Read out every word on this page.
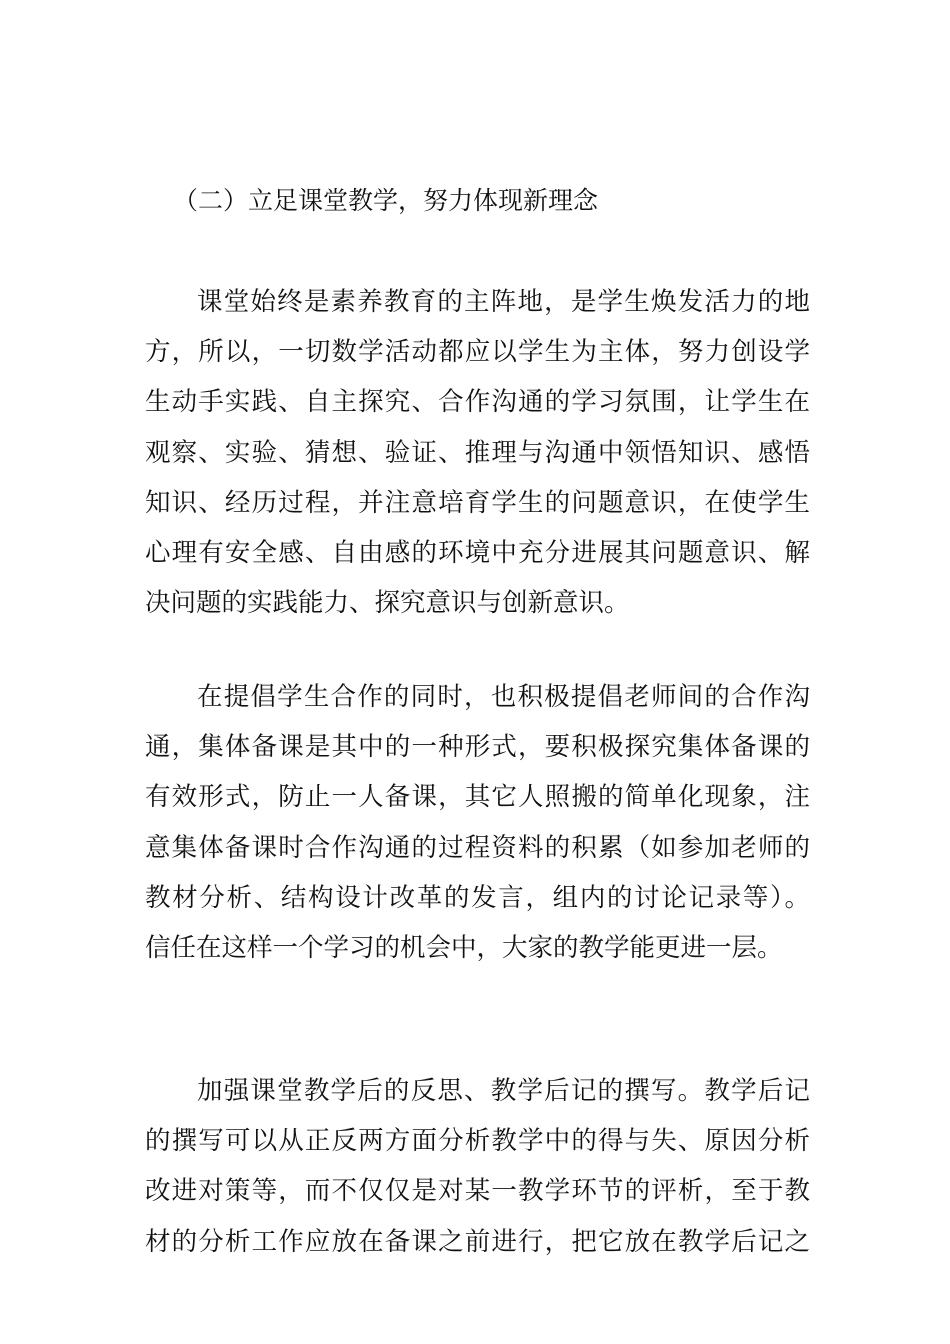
（二）立足课堂教学，努力体现新理念
课堂始终是素养教育的主阵地，是学生焕发活力的地
方，所以，一切数学活动都应以学生为主体，努力创设学
生动手实践、自主探究、合作沟通的学习氛围，让学生在
观察、实验、猜想、验证、推理与沟通中领悟知识、感悟
知识、经历过程，并注意培育学生的问题意识，在使学生
心理有安全感、自由感的环境中充分进展其问题意识、解
决问题的实践能力、探究意识与创新意识。
在提倡学生合作的同时，也积极提倡老师间的合作沟
通，集体备课是其中的一种形式，要积极探究集体备课的
有效形式，防止一人备课，其它人照搬的简单化现象，注
意集体备课时合作沟通的过程资料的积累（如参加老师的
教材分析、结构设计改革的发言，组内的讨论记录等）。
信任在这样一个学习的机会中，大家的教学能更进一层。
加强课堂教学后的反思、教学后记的撰写。教学后记
的撰写可以从正反两方面分析教学中的得与失、原因分析
改进对策等，而不仅仅是对某一教学环节的评析，至于教
材的分析工作应放在备课之前进行，把它放在教学后记之
